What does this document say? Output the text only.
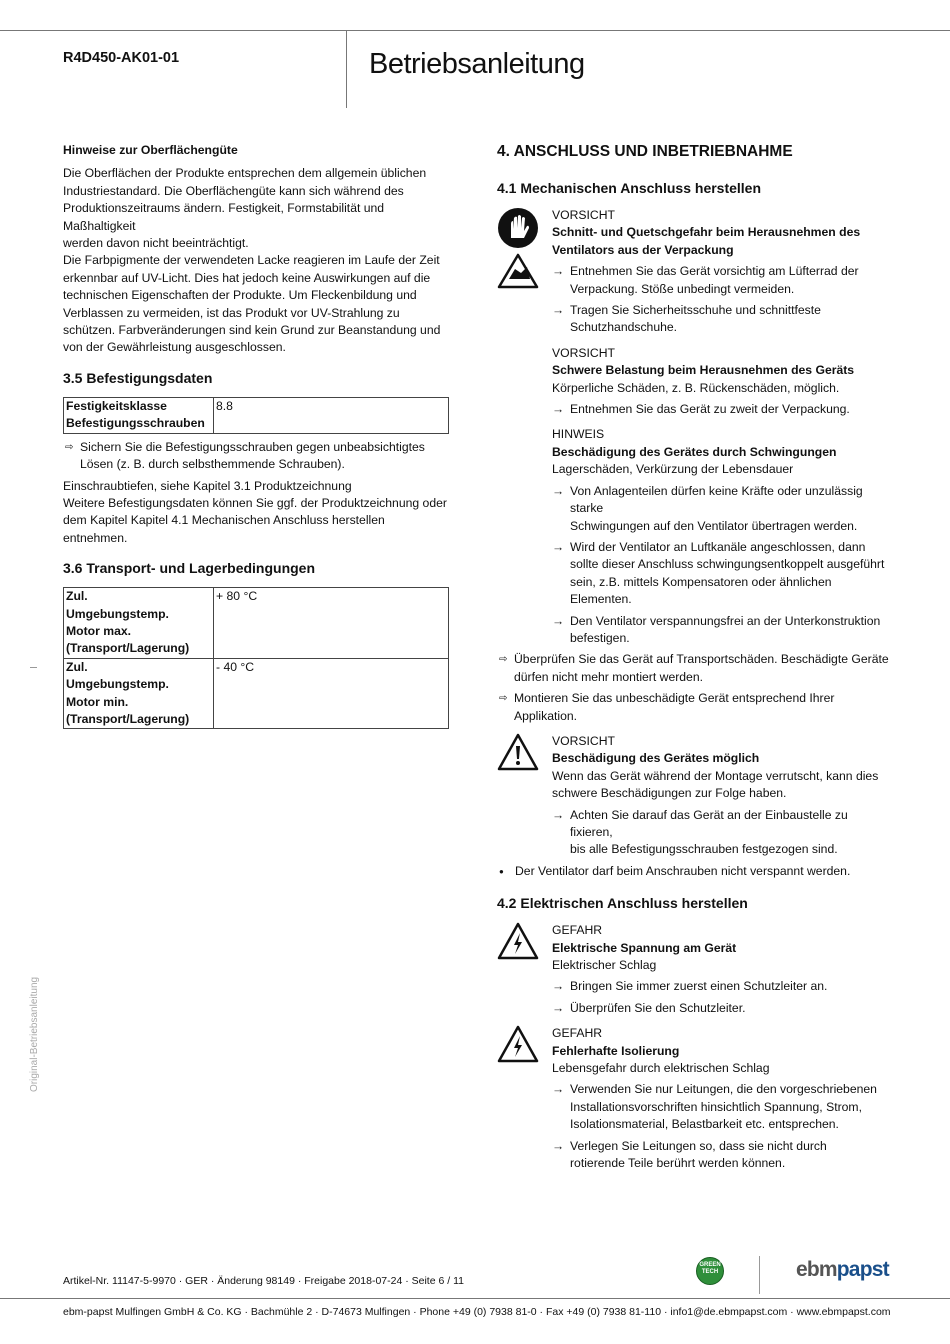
R4D450-AK01-01	Betriebsanleitung

Hinweise zur Oberflächengüte

Die Oberflächen der Produkte entsprechen dem allgemein üblichen
Industriestandard. Die Oberflächengüte kann sich während des
Produktionszeitraums ändern. Festigkeit, Formstabilität und Maßhaltigkeit
werden davon nicht beeinträchtigt.
Die Farbpigmente der verwendeten Lacke reagieren im Laufe der Zeit
erkennbar auf UV-Licht. Dies hat jedoch keine Auswirkungen auf die
technischen Eigenschaften der Produkte. Um Fleckenbildung und
Verblassen zu vermeiden, ist das Produkt vor UV-Strahlung zu
schützen. Farbveränderungen sind kein Grund zur Beanstandung und
von der Gewährleistung ausgeschlossen.

3.5 Befestigungsdaten
Festigkeitsklasse
Befestigungsschrauben	8.8
⇨ Sichern Sie die Befestigungsschrauben gegen unbeabsichtigtes
Lösen (z. B. durch selbsthemmende Schrauben).

Einschraubtiefen, siehe Kapitel 3.1 Produktzeichnung
Weitere Befestigungsdaten können Sie ggf. der Produktzeichnung oder
dem Kapitel Kapitel 4.1 Mechanischen Anschluss herstellen entnehmen.

3.6 Transport- und Lagerbedingungen
Zul.
Umgebungstemp.
Motor max.
(Transport/Lagerung)	+ 80 °C
Zul.
Umgebungstemp.
Motor min.
(Transport/Lagerung)	- 40 °C
4. ANSCHLUSS UND INBETRIEBNAHME
4.1 Mechanischen Anschluss herstellen

VORSICHT

Schnitt- und Quetschgefahr beim Herausnehmen des
Ventilators aus der Verpackung

→ Entnehmen Sie das Gerät vorsichtig am Lüfterrad der
Verpackung. Stöße unbedingt vermeiden.
→ Tragen Sie Sicherheitsschuhe und schnittfeste
Schutzhandschuhe.

VORSICHT

Schwere Belastung beim Herausnehmen des Geräts

Körperliche Schäden, z. B. Rückenschäden, möglich.

→ Entnehmen Sie das Gerät zu zweit der Verpackung.

HINWEIS

Beschädigung des Gerätes durch Schwingungen

Lagerschäden, Verkürzung der Lebensdauer

→ Von Anlagenteilen dürfen keine Kräfte oder unzulässig starke
Schwingungen auf den Ventilator übertragen werden.
→ Wird der Ventilator an Luftkanäle angeschlossen, dann
sollte dieser Anschluss schwingungsentkoppelt ausgeführt
sein, z.B. mittels Kompensatoren oder ähnlichen Elementen.
→ Den Ventilator verspannungsfrei an der Unterkonstruktion
befestigen.
⇨ Überprüfen Sie das Gerät auf Transportschäden. Beschädigte Geräte
dürfen nicht mehr montiert werden.
⇨ Montieren Sie das unbeschädigte Gerät entsprechend Ihrer Applikation.

VORSICHT

Beschädigung des Gerätes möglich

Wenn das Gerät während der Montage verrutscht, kann dies
schwere Beschädigungen zur Folge haben.

→ Achten Sie darauf das Gerät an der Einbaustelle zu fixieren,
bis alle Befestigungsschrauben festgezogen sind.
● Der Ventilator darf beim Anschrauben nicht verspannt werden.
4.2 Elektrischen Anschluss herstellen

GEFAHR

Elektrische Spannung am Gerät

Elektrischer Schlag

→ Bringen Sie immer zuerst einen Schutzleiter an.
→ Überprüfen Sie den Schutzleiter.

GEFAHR

Fehlerhafte Isolierung

Lebensgefahr durch elektrischen Schlag

→ Verwenden Sie nur Leitungen, die den vorgeschriebenen
Installationsvorschriften hinsichtlich Spannung, Strom,
Isolationsmaterial, Belastbarkeit etc. entsprechen.
→ Verlegen Sie Leitungen so, dass sie nicht durch
rotierende Teile berührt werden können.
Original-Betriebsanleitung
Artikel-Nr. 11147-5-9970 · GER · Änderung 98149 · Freigabe 2018-07-24 · Seite 6 / 11
GREEN
TECH	ebmpapst
ebm-papst Mulfingen GmbH & Co. KG · Bachmühle 2 · D-74673 Mulfingen · Phone +49 (0) 7938 81-0 · Fax +49 (0) 7938 81-110 · info1@de.ebmpapst.com · www.ebmpapst.com
